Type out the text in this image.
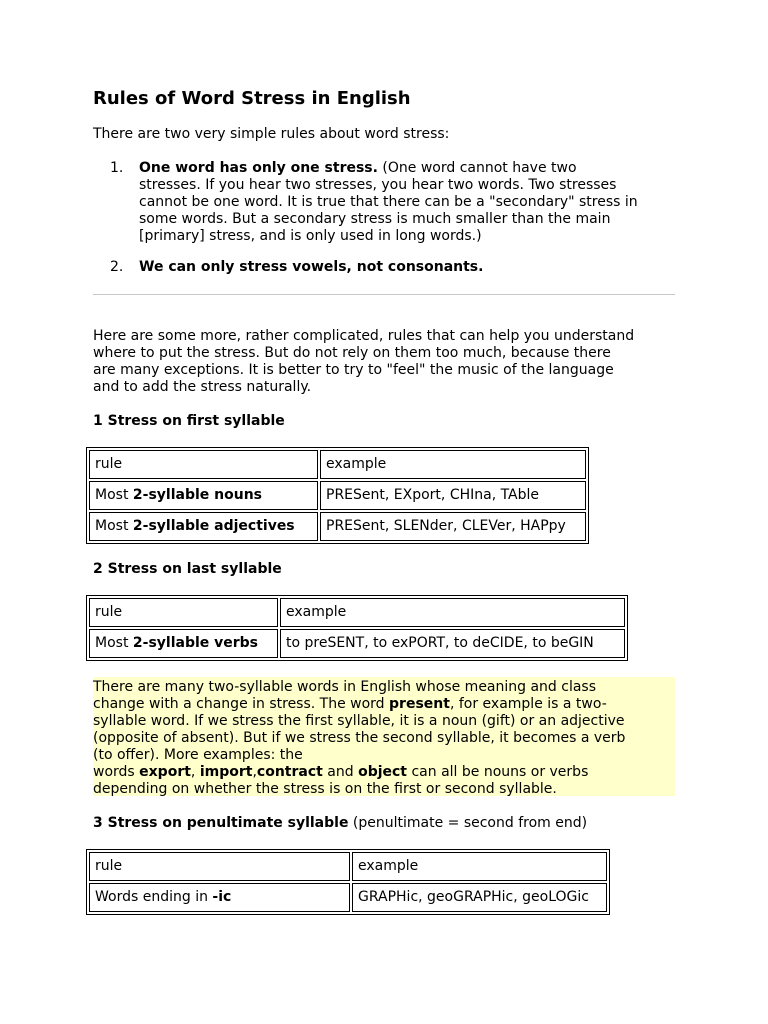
Rules of Word Stress in English

There are two very simple rules about word stress:

1. One word has only one stress. (One word cannot have two
stresses. If you hear two stresses, you hear two words. Two stresses
cannot be one word. It is true that there can be a "secondary" stress in
some words. But a secondary stress is much smaller than the main
[primary] stress, and is only used in long words.)
2. We can only stress vowels, not consonants.

Here are some more, rather complicated, rules that can help you understand
where to put the stress. But do not rely on them too much, because there
are many exceptions. It is better to try to "feel" the music of the language
and to add the stress naturally.

1 Stress on first syllable
rule	example
Most 2-syllable nouns	PRESent, EXport, CHIna, TAble
Most 2-syllable adjectives	PRESent, SLENder, CLEVer, HAPpy
2 Stress on last syllable
rule	example
Most 2-syllable verbs	to preSENT, to exPORT, to deCIDE, to beGIN
There are many two-syllable words in English whose meaning and class
change with a change in stress. The word present, for example is a two-
syllable word. If we stress the first syllable, it is a noun (gift) or an adjective
(opposite of absent). But if we stress the second syllable, it becomes a verb
(to offer). More examples: the
words export, import,contract and object can all be nouns or verbs
depending on whether the stress is on the first or second syllable.
3 Stress on penultimate syllable (penultimate = second from end)
rule	example
Words ending in -ic	GRAPHic, geoGRAPHic, geoLOGic
